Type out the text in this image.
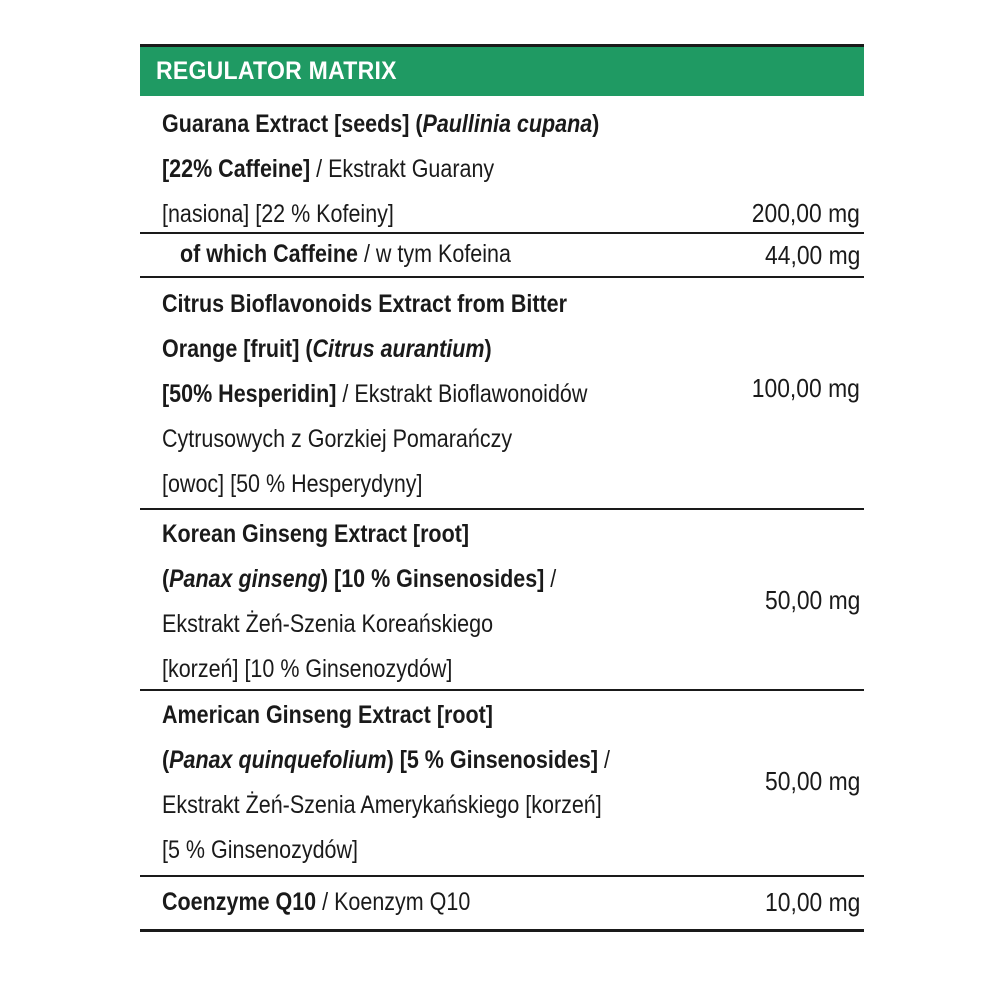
REGULATOR MATRIX
Guarana Extract [seeds] (Paullinia cupana)
[22% Caffeine] / Ekstrakt Guarany
[nasiona] [22 % Kofeiny]	200,00 mg
of which Caffeine / w tym Kofeina	44,00 mg
Citrus Bioflavonoids Extract from Bitter
Orange [fruit] (Citrus aurantium)
[50% Hesperidin] / Ekstrakt Bioflawonoidów
Cytrusowych z Gorzkiej Pomarańczy
[owoc] [50 % Hesperydyny]
100,00 mg
Korean Ginseng Extract [root]
(Panax ginseng) [10 % Ginsenosides] /
Ekstrakt Żeń-Szenia Koreańskiego
[korzeń] [10 % Ginsenozydów]
50,00 mg
American Ginseng Extract [root]
(Panax quinquefolium) [5 % Ginsenosides] /
Ekstrakt Żeń-Szenia Amerykańskiego [korzeń]
[5 % Ginsenozydów]
50,00 mg
Coenzyme Q10 / Koenzym Q10	10,00 mg
